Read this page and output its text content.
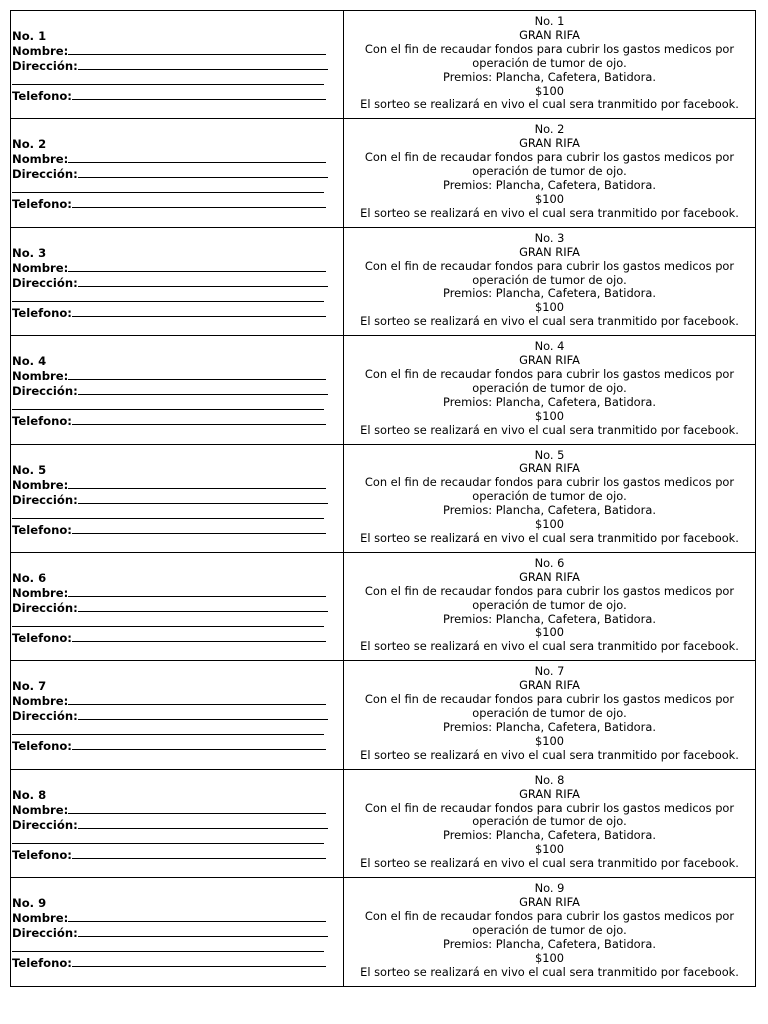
No. 1
Nombre:
Dirección:
Telefono:
No. 1
GRAN RIFA
Con el fin de recaudar fondos para cubrir los gastos medicos por
operación de tumor de ojo.
Premios: Plancha, Cafetera, Batidora.
$100
El sorteo se realizará en vivo el cual sera tranmitido por facebook.
No. 2
Nombre:
Dirección:
Telefono:
No. 2
GRAN RIFA
Con el fin de recaudar fondos para cubrir los gastos medicos por
operación de tumor de ojo.
Premios: Plancha, Cafetera, Batidora.
$100
El sorteo se realizará en vivo el cual sera tranmitido por facebook.
No. 3
Nombre:
Dirección:
Telefono:
No. 3
GRAN RIFA
Con el fin de recaudar fondos para cubrir los gastos medicos por
operación de tumor de ojo.
Premios: Plancha, Cafetera, Batidora.
$100
El sorteo se realizará en vivo el cual sera tranmitido por facebook.
No. 4
Nombre:
Dirección:
Telefono:
No. 4
GRAN RIFA
Con el fin de recaudar fondos para cubrir los gastos medicos por
operación de tumor de ojo.
Premios: Plancha, Cafetera, Batidora.
$100
El sorteo se realizará en vivo el cual sera tranmitido por facebook.
No. 5
Nombre:
Dirección:
Telefono:
No. 5
GRAN RIFA
Con el fin de recaudar fondos para cubrir los gastos medicos por
operación de tumor de ojo.
Premios: Plancha, Cafetera, Batidora.
$100
El sorteo se realizará en vivo el cual sera tranmitido por facebook.
No. 6
Nombre:
Dirección:
Telefono:
No. 6
GRAN RIFA
Con el fin de recaudar fondos para cubrir los gastos medicos por
operación de tumor de ojo.
Premios: Plancha, Cafetera, Batidora.
$100
El sorteo se realizará en vivo el cual sera tranmitido por facebook.
No. 7
Nombre:
Dirección:
Telefono:
No. 7
GRAN RIFA
Con el fin de recaudar fondos para cubrir los gastos medicos por
operación de tumor de ojo.
Premios: Plancha, Cafetera, Batidora.
$100
El sorteo se realizará en vivo el cual sera tranmitido por facebook.
No. 8
Nombre:
Dirección:
Telefono:
No. 8
GRAN RIFA
Con el fin de recaudar fondos para cubrir los gastos medicos por
operación de tumor de ojo.
Premios: Plancha, Cafetera, Batidora.
$100
El sorteo se realizará en vivo el cual sera tranmitido por facebook.
No. 9
Nombre:
Dirección:
Telefono:
No. 9
GRAN RIFA
Con el fin de recaudar fondos para cubrir los gastos medicos por
operación de tumor de ojo.
Premios: Plancha, Cafetera, Batidora.
$100
El sorteo se realizará en vivo el cual sera tranmitido por facebook.
